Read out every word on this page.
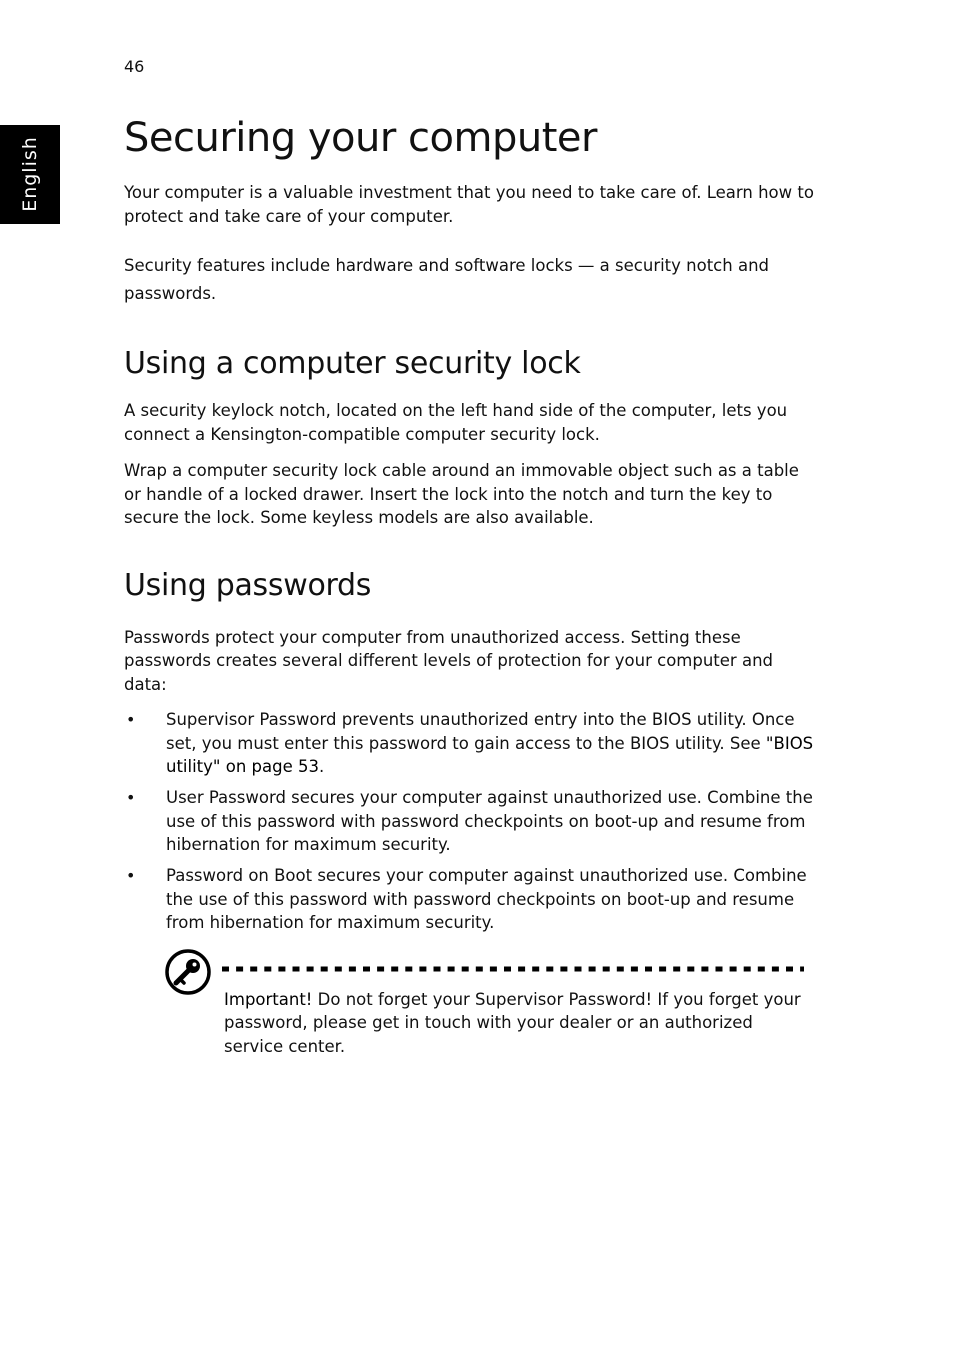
46
English Securing your computer

Your computer is a valuable investment that you need to take care of. Learn how to protect and take care of your computer.

Security features include hardware and software locks — a security notch and passwords.

Using a computer security lock

A security keylock notch, located on the left hand side of the computer, lets you connect a Kensington-compatible computer security lock.

Wrap a computer security lock cable around an immovable object such as a table or handle of a locked drawer. Insert the lock into the notch and turn the key to secure the lock. Some keyless models are also available.

Using passwords

Passwords protect your computer from unauthorized access. Setting these passwords creates several different levels of protection for your computer and data:

• Supervisor Password prevents unauthorized entry into the BIOS utility. Once set, you must enter this password to gain access to the BIOS utility. See "BIOS utility" on page 53.
• User Password secures your computer against unauthorized use. Combine the use of this password with password checkpoints on boot-up and resume from hibernation for maximum security.
• Password on Boot secures your computer against unauthorized use. Combine the use of this password with password checkpoints on boot-up and resume from hibernation for maximum security.
Important! Do not forget your Supervisor Password! If you forget your password, please get in touch with your dealer or an authorized service center.
